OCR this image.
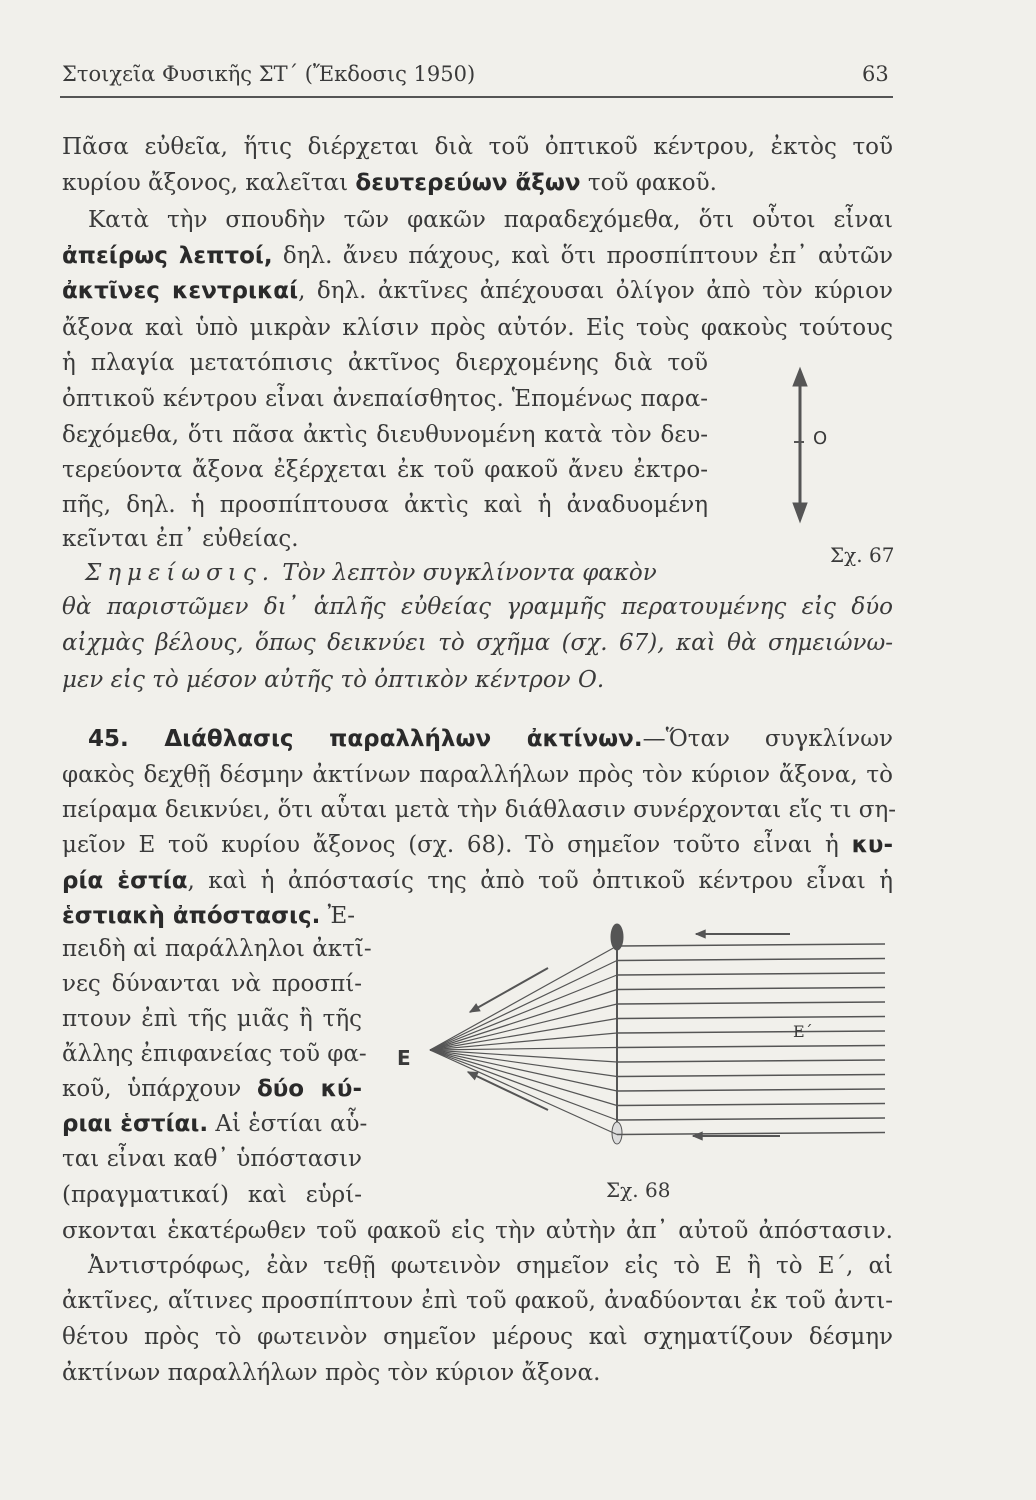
Στοιχεῖα Φυσικῆς ΣΤ΄ (Ἔκδοσις 1950)	63
Πᾶσα εὐθεῖα, ἥτις διέρχεται διὰ τοῦ ὀπτικοῦ κέντρου, ἐκτὸς τοῦ
κυρίου ἄξονος, καλεῖται δευτερεύων ἄξων τοῦ φακοῦ.
Κατὰ τὴν σπουδὴν τῶν φακῶν παραδεχόμεθα, ὅτι οὗτοι εἶναι
ἀπείρως λεπτοί, δηλ. ἄνευ πάχους, καὶ ὅτι προσπίπτουν ἐπ᾽ αὐτῶν
ἀκτῖνες κεντρικαί, δηλ. ἀκτῖνες ἀπέχουσαι ὀλίγον ἀπὸ τὸν κύριον
ἄξονα καὶ ὑπὸ μικρὰν κλίσιν πρὸς αὐτόν. Εἰς τοὺς φακοὺς τούτους
ἡ πλαγία μετατόπισις ἀκτῖνος διερχομένης διὰ τοῦ
ὀπτικοῦ κέντρου εἶναι ἀνεπαίσθητος. Ἑπομένως παρα-
δεχόμεθα, ὅτι πᾶσα ἀκτὶς διευθυνομένη κατὰ τὸν δευ-
τερεύοντα ἄξονα ἐξέρχεται ἐκ τοῦ φακοῦ ἄνευ ἐκτρο-
πῆς, δηλ. ἡ προσπίπτουσα ἀκτὶς καὶ ἡ ἀναδυομένη
κεῖνται ἐπ᾽ εὐθείας.
Σημείωσις. Τὸν λεπτὸν συγκλίνοντα φακὸν
θὰ παριστῶμεν δι᾽ ἁπλῆς εὐθείας γραμμῆς περατουμένης εἰς δύο
αἰχμὰς βέλους, ὅπως δεικνύει τὸ σχῆμα (σχ. 67), καὶ θὰ σημειώνω-
μεν εἰς τὸ μέσον αὐτῆς τὸ ὀπτικὸν κέντρον Ο.
45. Διάθλασις παραλλήλων ἀκτίνων.—Ὅταν συγκλίνων
φακὸς δεχθῇ δέσμην ἀκτίνων παραλλήλων πρὸς τὸν κύριον ἄξονα, τὸ
πείραμα δεικνύει, ὅτι αὗται μετὰ τὴν διάθλασιν συνέρχονται εἴς τι ση-
μεῖον Ε τοῦ κυρίου ἄξονος (σχ. 68). Τὸ σημεῖον τοῦτο εἶναι ἡ κυ-
ρία ἑστία, καὶ ἡ ἀπόστασίς της ἀπὸ τοῦ ὀπτικοῦ κέντρου εἶναι ἡ
ἑστιακὴ ἀπόστασις. Ἐ-
πειδὴ αἱ παράλληλοι ἀκτῖ-
νες δύνανται νὰ προσπί-
πτουν ἐπὶ τῆς μιᾶς ἢ τῆς
ἄλλης ἐπιφανείας τοῦ φα-
κοῦ, ὑπάρχουν δύο κύ-
ριαι ἑστίαι. Αἱ ἑστίαι αὗ-
ται εἶναι καθ᾽ ὑπόστασιν
(πραγματικαί) καὶ εὑρί-
σκονται ἑκατέρωθεν τοῦ φακοῦ εἰς τὴν αὐτὴν ἀπ᾽ αὐτοῦ ἀπόστασιν.
Ἀντιστρόφως, ἐὰν τεθῇ φωτεινὸν σημεῖον εἰς τὸ Ε ἢ τὸ Ε΄, αἱ
ἀκτῖνες, αἵτινες προσπίπτουν ἐπὶ τοῦ φακοῦ, ἀναδύονται ἐκ τοῦ ἀντι-
θέτου πρὸς τὸ φωτεινὸν σημεῖον μέρους καὶ σχηματίζουν δέσμην
ἀκτίνων παραλλήλων πρὸς τὸν κύριον ἄξονα.
O
Σχ. 67
E
Ε΄
Σχ. 68
